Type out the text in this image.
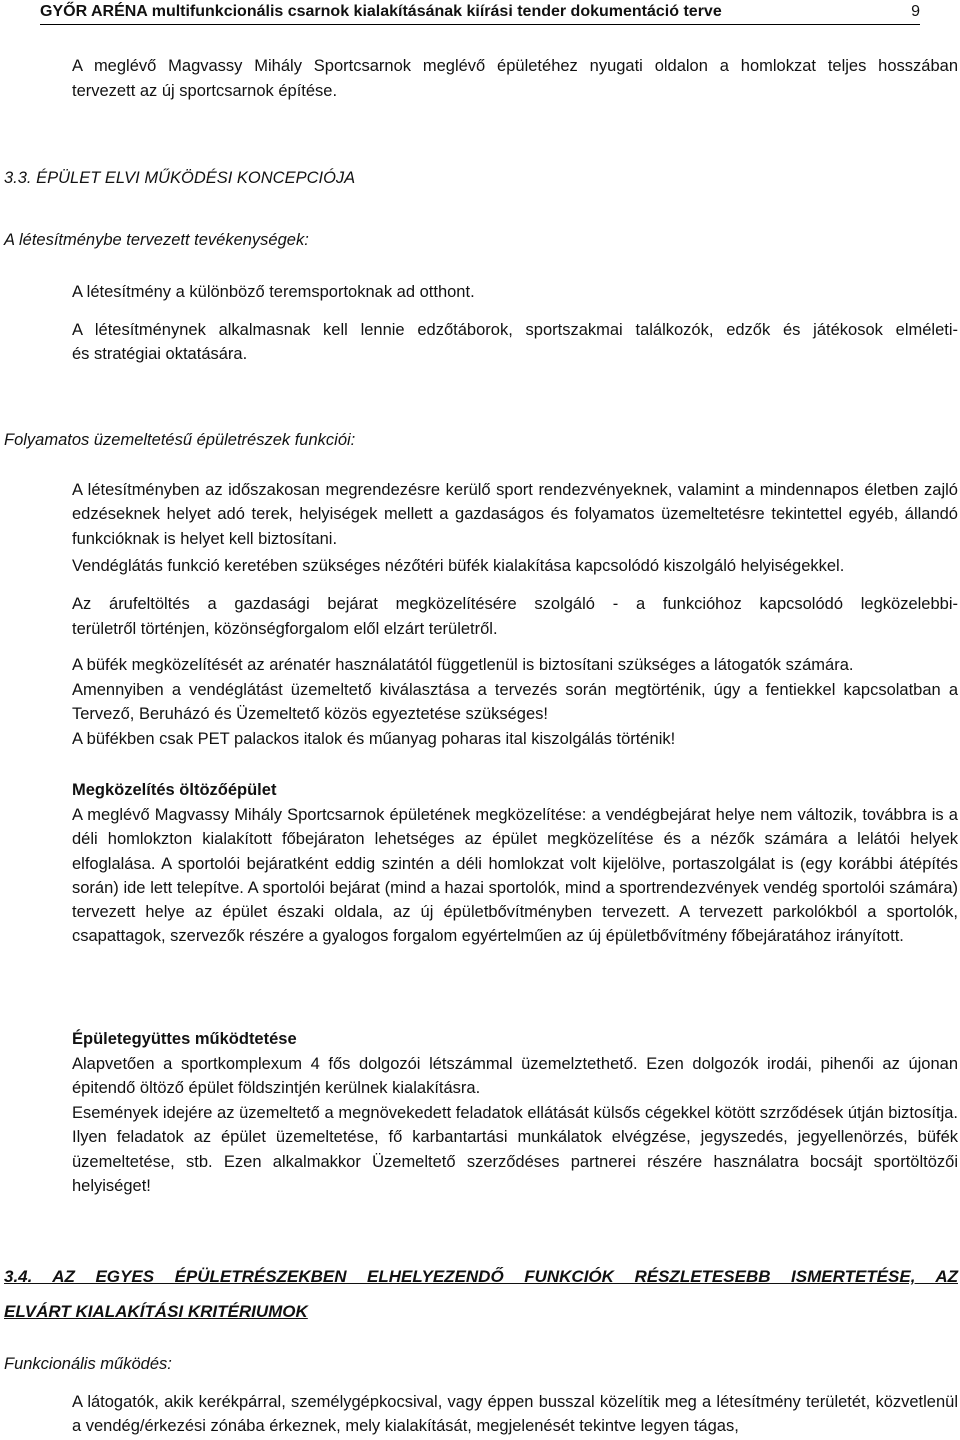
GYŐR ARÉNA multifunkcionális csarnok kialakításának kiírási tender dokumentáció terve	9

A meglévő Magvassy Mihály Sportcsarnok meglévő épületéhez nyugati oldalon a homlokzat teljes hosszában

tervezett az új sportcsarnok építése.

3.3. ÉPÜLET ELVI MŰKÖDÉSI KONCEPCIÓJA

A létesítménybe tervezett tevékenységek:

A létesítmény a különböző teremsportoknak ad otthont.

A létesítménynek alkalmasnak kell lennie edzőtáborok, sportszakmai találkozók, edzők és játékosok elméleti-

és stratégiai oktatására.

Folyamatos üzemeltetésű épületrészek funkciói:

A létesítményben az időszakosan megrendezésre kerülő sport rendezvényeknek, valamint a mindennapos életben zajló edzéseknek helyet adó terek, helyiségek mellett a gazdaságos és folyamatos üzemeltetésre tekintettel egyéb, állandó funkcióknak is helyet kell biztosítani.

Vendéglátás funkció keretében szükséges nézőtéri büfék kialakítása kapcsolódó kiszolgáló helyiségekkel.

Az árufeltöltés a gazdasági bejárat megközelítésére szolgáló - a funkcióhoz kapcsolódó legközelebbi-

területről történjen, közönségforgalom elől elzárt területről.

A büfék megközelítését az arénatér használatától függetlenül is biztosítani szükséges a látogatók számára.

Amennyiben a vendéglátást üzemeltető kiválasztása a tervezés során megtörténik, úgy a fentiekkel kapcsolatban a Tervező, Beruházó és Üzemeltető közös egyeztetése szükséges!

A büfékben csak PET palackos italok és műanyag poharas ital kiszolgálás történik!

Megközelítés öltözőépület

A meglévő Magvassy Mihály Sportcsarnok épületének megközelítése: a vendégbejárat helye nem változik, továbbra is a déli homlokzton kialakított főbejáraton lehetséges az épület megközelítése és a nézők számára a lelátói helyek elfoglalása. A sportolói bejáratként eddig szintén a déli homlokzat volt kijelölve, portaszolgálat is (egy korábbi átépítés során) ide lett telepítve. A sportolói bejárat (mind a hazai sportolók, mind a sportrendezvények vendég sportolói számára) tervezett helye az épület északi oldala, az új épületbővítményben tervezett. A tervezett parkolókból a sportolók, csapattagok, szervezők részére a gyalogos forgalom egyértelműen az új épületbővítmény főbejáratához irányított.

Épületegyüttes működtetése

Alapvetően a sportkomplexum 4 fős dolgozói létszámmal üzemelztethető. Ezen dolgozók irodái, pihenői az újonan épitendő öltöző épület földszintjén kerülnek kialakításra.

Események idejére az üzemeltető a megnövekedett feladatok ellátását külsős cégekkel kötött szrződések útján biztosítja. Ilyen feladatok az épület üzemeltetése, fő karbantartási munkálatok elvégzése, jegyszedés, jegyellenörzés, büfék üzemeltetése, stb. Ezen alkalmakkor Üzemeltető szerződéses partnerei részére használatra bocsájt sportöltözői helyiséget!

3.4. AZ EGYES ÉPÜLETRÉSZEKBEN ELHELYEZENDŐ FUNKCIÓK RÉSZLETESEBB ISMERTETÉSE, AZ

ELVÁRT KIALAKÍTÁSI KRITÉRIUMOK

Funkcionális működés:

A látogatók, akik kerékpárral, személygépkocsival, vagy éppen busszal közelítik meg a létesítmény területét, közvetlenül a vendég/érkezési zónába érkeznek, mely kialakítását, megjelenését tekintve legyen tágas,
